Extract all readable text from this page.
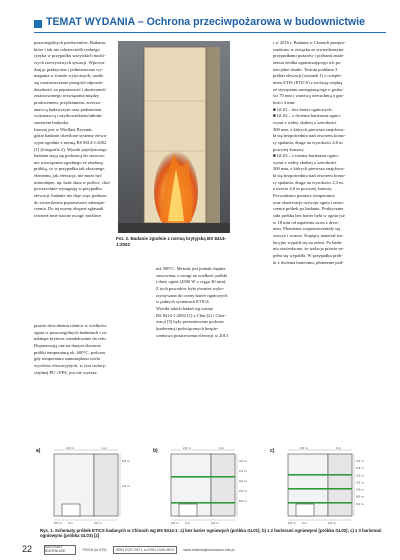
TEMAT WYDANIA – Ochrona przeciwpożarowa w budownictwie

poszczególnych producentów. Badania,

które i tak nie odwierciedli realnego

ryzyka w przypadku wszystkich możli-

wych rzeczywistych sytuacji. Wprowa-

dzając praktyczne i jednoznaczne wy-

magania w formie wytycznych, ustala

się rozmieszczenie przegród odpowie-

dzialności za poprawność i skuteczność

zastosowanego rozwiązania między

producentem, projektantem, zrzeczo-

znawcą badawczym oraz podmiotem,

wykonawcą i użytkownikiem/admini-

stratorem budynku.

Inaczej jest w Wielkiej Brytanii,

gdzie badanie określone systemy elewa-

cyjne zgodnie z normą BS 8414-1:2002

[1] (fotografia 2). Wyniki pojedynczego

badania stają się podstawą do stosowa-

nia rozwiązania zgodnego ze zbadaną

próbką, co w przypadku tak złożonego

elementu, jak elewacja, nie może być

miarodajne, np. brak okna w próbce, choć

powszechnie występują w przypadku

elewacji, badanie nie daje więc podstaw

do stwierdzenia poprawności zabezpie-

czenia. Do tej normy ekspert zgłaszali

również inne istotne uwagi: możliwe

prawie dowolnemu różnice w wielkości

ognia w poszczególnych badaniach i za-

mknięte kryteria, nieadekwatne do celu.

Dopuszczają one na dużym obszarze

próbki temperaturę ok. 600°C, podczas

gdy temperatura samozapłonu wielu

wyrobów elewacyjnych, w tym izolacji

cieplnej PU i EPS, jest nie wyższa

niż 500°C. Metoda jest jednak chętnie

stosowana, z uwagi na wielkość próbki

i duży ogień (4500 W o ciągu 30 min).

Z tych powodów była również wyko-

rzystywana do oceny barier ogniowych

w palnych systemach ETICS.

Wyniki takich badań wg normy

BS 8414-1:2002 [1] z Chin [2] i Chor-

wacji [5] były prezentowane podczas

konferencji poświęconych bezpie-

czeństwa pożarowemu elewacji w 2013

i w 2016 r. Badania w Chinach przepro-

wadzono w związku ze stwierdzonymi

przypadkami pożarów i próbami znale-

zienia środka ograniczającego ich po-

tencjalne skutki. Testom poddano 3

próbki elewacji (rysunek 1) z ocieple-

niem ETIS (ETICS) z izolacją cieplną

ze styropianu samogasnącego o grubo-

ści 70 mm i warstwą wierzchnią o gru-

bości 4 mm:

■ GL01 – bez barier ogniowych;

■ GL02 – z dwiema barierami ognio-

wymi z wełny skalnej o szerokości

300 mm, z których pierwsza znajdowa-

ła się bezpośrednio nad otworem komo-

ry spalania, druga na wysokości 4,6 m

powyżej komory,

■ GL03 – z trzema barierami ognio-

wymi z wełny skalnej o szerokości

300 mm, z których pierwsza znajdowa-

ła się bezpośrednio nad otworem komo-

ry spalania, druga na wysokości 2,3 m,

a trzecia 4,6 m powyżej komory.

Prowadzono pomiary temperatury

oraz obserwacje rozwoju ognia i znisz-

czenia próbek po badaniu. Praktycznie

cała próbka bez barier była w ogniu już

w 18 min od zapalenia stosu z drew-

nem. Płomienie rozprzestrzeniały się

wzwyż i wszerz. Kapiący materiał izo-

lacyjny wypalił się na ziemi. Po bada-

niu stwierdzono, że izolacja prawie za-

pełni się wypaliła. W przypadku prób-

ki z dwiema barierami, płomienie pod-

Fot. 2. Badanie zgodnie z normą brytyjską BS 8414-1:2002
a)	2,6 m	1 m
8,5 m
2,0 m
0,5 m 2 m	2,6 m
b)	2,6 m	1 m
4,6 m
0,3 m
0,3 m
2,0 m
8,5 m
0,5 m 2 m	2,6 m
c)	2,6 m	1 m
2,3 m
0,3 m
2,3 m
0,3 m
2,0 m
8,5 m
0,3 m
0,5 m 2 m	2,6 m
Rys. 1. Schematy próbek ETICS badanych w Chinach wg BS 8414-1: a) bez barier ogniowych (próbka GL01); b) z 2 barierami ogniowymi (próbka GL02); c) z 3 barierami ogniowymi (próbka GL03) [2]
22	MATERIAŁY BUDOWLANE	7/2018 (nr 575)	ISSN 0137-2971, e-ISSN 2449-951X	www.materialybudowlane.info.pl
